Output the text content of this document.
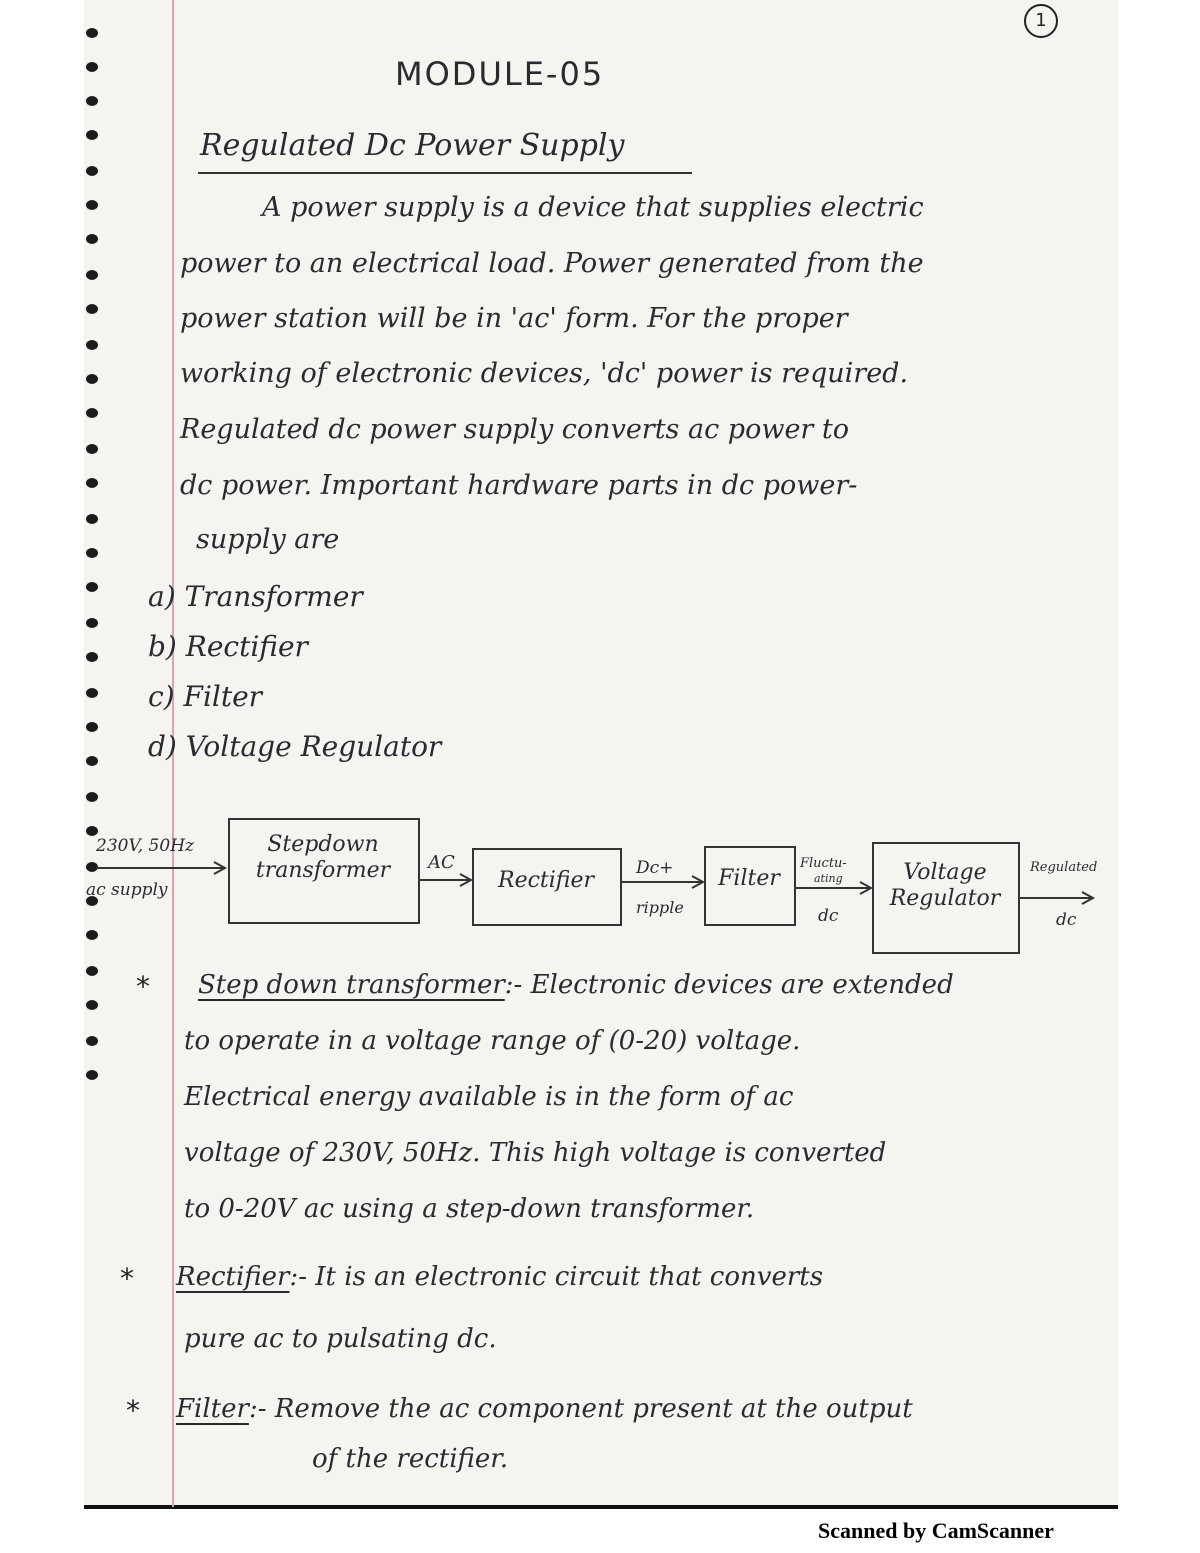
1
MODULE-05
Regulated Dc Power Supply
A power supply is a device that supplies electric
power to an electrical load. Power generated from the
power station will be in 'ac' form. For the proper
working of electronic devices, 'dc' power is required.
Regulated dc power supply converts ac power to
dc power. Important hardware parts in dc power-
supply are
a) Transformer
b) Rectifier
c) Filter
d) Voltage Regulator
Stepdown
transformer	Rectifier	Filter	Voltage
Regulator
230V, 50Hz
ac supply
AC	Dc+
ripple
Fluctu-
ating
dc
Regulated
dc
* Step down transformer:- Electronic devices are extended
to operate in a voltage range of (0-20) voltage.
Electrical energy available is in the form of ac
voltage of 230V, 50Hz. This high voltage is converted
to 0-20V ac using a step-down transformer.
* Rectifier:- It is an electronic circuit that converts
pure ac to pulsating dc.
* Filter:- Remove the ac component present at the output
of the rectifier.
Scanned by CamScanner
